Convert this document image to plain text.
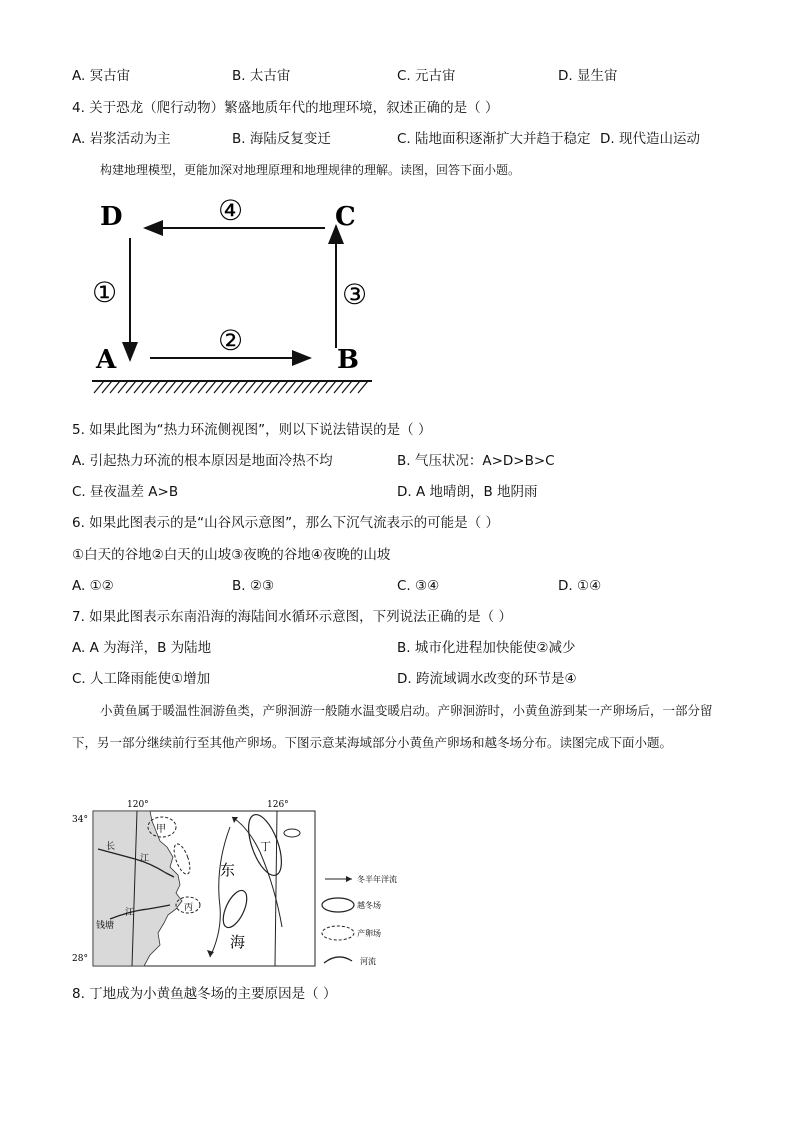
A. 冥古宙	B. 太古宙	C. 元古宙	D. 显生宙
4. 关于恐龙（爬行动物）繁盛地质年代的地理环境，叙述正确的是（ ）
A. 岩浆活动为主	B. 海陆反复变迁	C. 陆地面积逐渐扩大并趋于稳定 D. 现代造山运动
构建地理模型，更能加深对地理原理和地理规律的理解。读图，回答下面小题。
D	C
A	B
④
①	③
②
5. 如果此图为“热力环流侧视图”，则以下说法错误的是（ ）
A. 引起热力环流的根本原因是地面冷热不均	B. 气压状况：A>D>B>C
C. 昼夜温差 A>B	D. A 地晴朗，B 地阴雨
6. 如果此图表示的是“山谷风示意图”，那么下沉气流表示的可能是（ ）
①白天的谷地②白天的山坡③夜晚的谷地④夜晚的山坡
A. ①②	B. ②③	C. ③④	D. ①④
7. 如果此图表示东南沿海的海陆间水循环示意图，下列说法正确的是（ ）
A. A 为海洋，B 为陆地	B. 城市化进程加快能使②减少
C. 人工降雨能使①增加	D. 跨流域调水改变的环节是④

小黄鱼属于暖温性洄游鱼类，产卵洄游一般随水温变暖启动。产卵洄游时，小黄鱼游到某一产卵场后，一部分留下，另一部分继续前行至其他产卵场。下图示意某海域部分小黄鱼产卵场和越冬场分布。读图完成下面小题。

120°	126°
34°
28°
甲
长
江
丙
江
钱塘
东
海
丁
冬半年洋流
越冬场
产卵场
河流
8. 丁地成为小黄鱼越冬场的主要原因是（ ）
